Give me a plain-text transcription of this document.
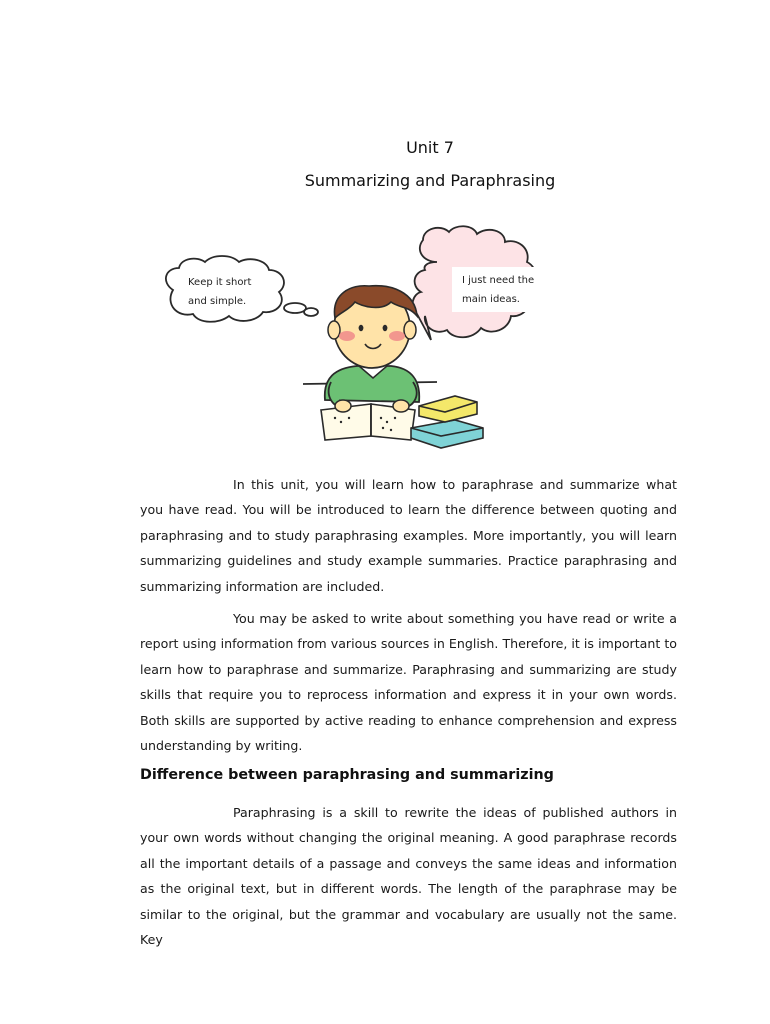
Unit 7
Summarizing and Paraphrasing
Keep it short
and simple.
I just need the
main ideas.

In this unit, you will learn how to paraphrase and summarize what you have read. You will be introduced to learn the difference between quoting and paraphrasing and to study paraphrasing examples. More importantly, you will learn summarizing guidelines and study example summaries. Practice paraphrasing and summarizing information are included.

You may be asked to write about something you have read or write a report using information from various sources in English. Therefore, it is important to learn how to paraphrase and summarize. Paraphrasing and summarizing are study skills that require you to reprocess information and express it in your own words. Both skills are supported by active reading to enhance comprehension and express understanding by writing.

Difference between paraphrasing and summarizing

Paraphrasing is a skill to rewrite the ideas of published authors in your own words without changing the original meaning. A good paraphrase records all the important details of a passage and conveys the same ideas and information as the original text, but in different words. The length of the paraphrase may be similar to the original, but the grammar and vocabulary are usually not the same. Key
